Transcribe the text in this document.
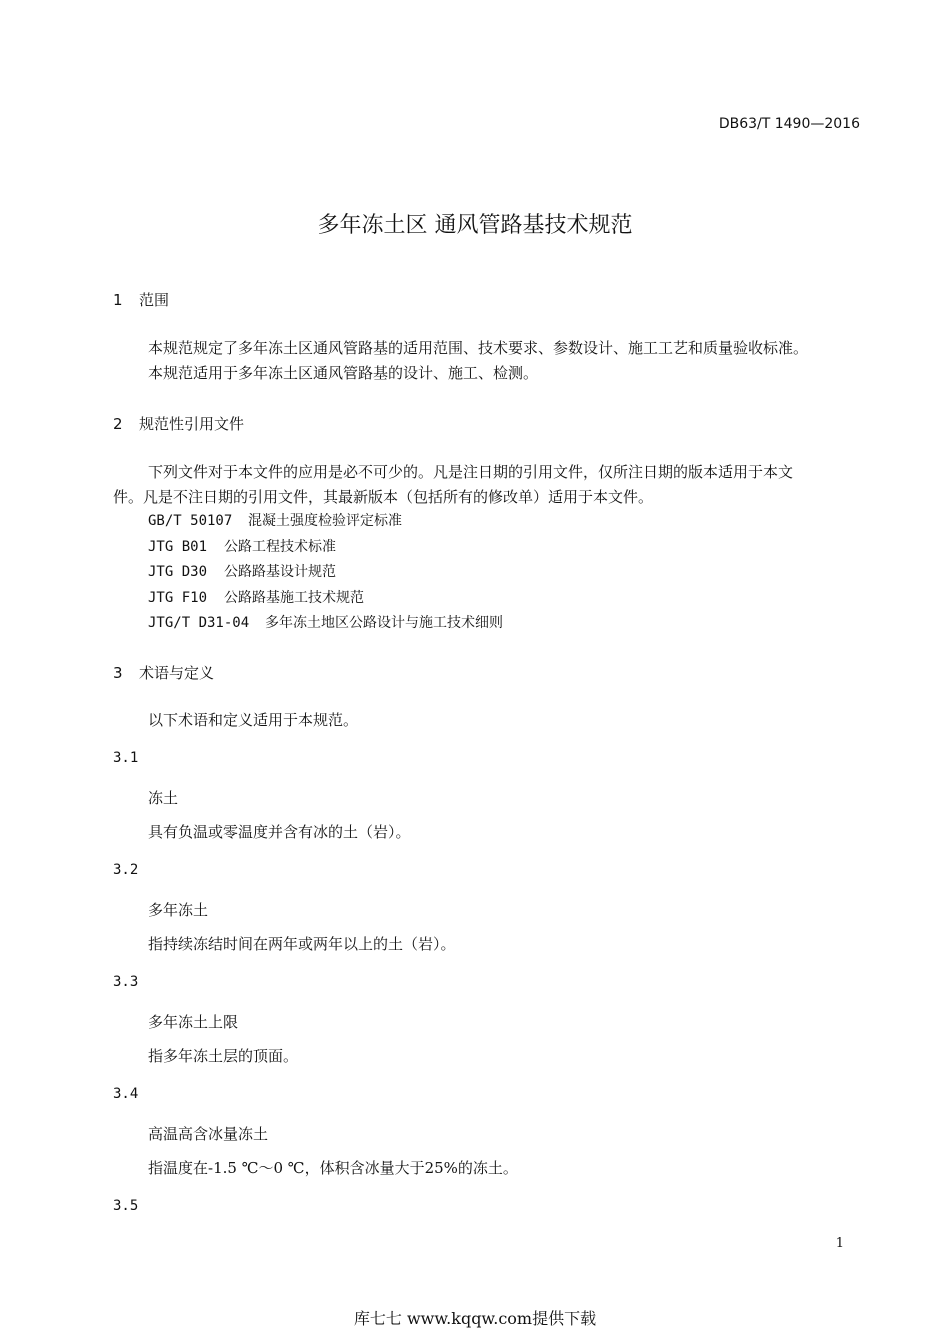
DB63/T 1490—2016
多年冻土区 通风管路基技术规范
1 范围
本规范规定了多年冻土区通风管路基的适用范围、技术要求、参数设计、施工工艺和质量验收标准。
本规范适用于多年冻土区通风管路基的设计、施工、检测。
2 规范性引用文件
下列文件对于本文件的应用是必不可少的。凡是注日期的引用文件，仅所注日期的版本适用于本文
件。凡是不注日期的引用文件，其最新版本（包括所有的修改单）适用于本文件。
GB/T 50107 混凝土强度检验评定标准
JTG B01 公路工程技术标准
JTG D30 公路路基设计规范
JTG F10 公路路基施工技术规范
JTG/T D31-04 多年冻土地区公路设计与施工技术细则
3 术语与定义
以下术语和定义适用于本规范。
3.1
冻土
具有负温或零温度并含有冰的土（岩）。
3.2
多年冻土
指持续冻结时间在两年或两年以上的土（岩）。
3.3
多年冻土上限
指多年冻土层的顶面。
3.4
高温高含冰量冻土
指温度在-1.5 ℃～0 ℃，体积含冰量大于25%的冻土。
3.5
1
库七七 www.kqqw.com提供下载
